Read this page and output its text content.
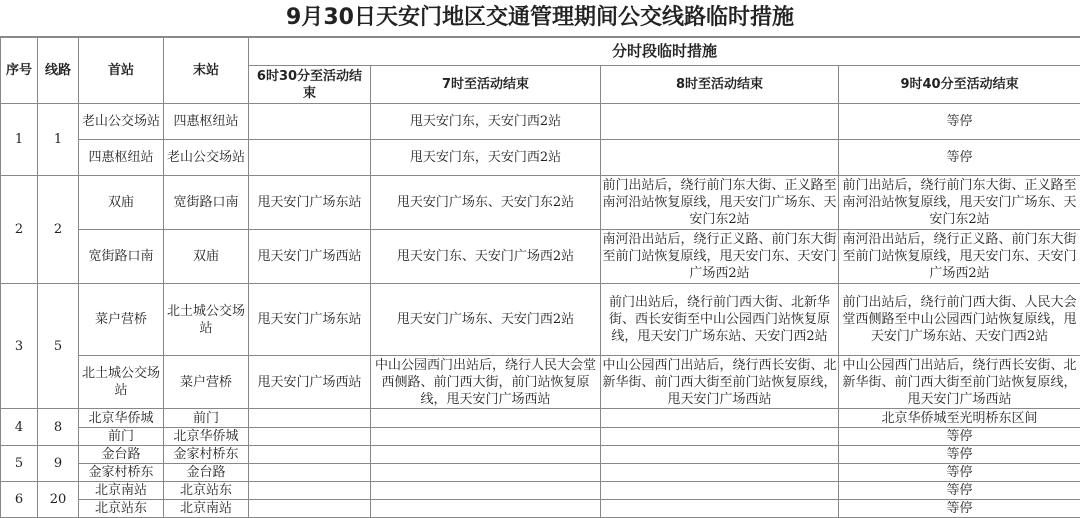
9月30日天安门地区交通管理期间公交线路临时措施
序号	线路	首站	末站	分时段临时措施			
				6时30分至活动结束	7时至活动结束	8时至活动结束	9时40分至活动结束
1	1	老山公交场站	四惠枢纽站		甩天安门东，天安门西2站		等停
		四惠枢纽站	老山公交场站		甩天安门东，天安门西2站		等停
2	2	双庙	宽街路口南	甩天安门广场东站	甩天安门广场东、天安门东2站	前门出站后，绕行前门东大街、正义路至南河沿站恢复原线，甩天安门广场东、天安门东2站	前门出站后，绕行前门东大街、正义路至南河沿站恢复原线，甩天安门广场东、天安门东2站
		宽街路口南	双庙	甩天安门广场西站	甩天安门东、天安门广场西2站	南河沿出站后，绕行正义路、前门东大街至前门站恢复原线，甩天安门东、天安门广场西2站	南河沿出站后，绕行正义路、前门东大街至前门站恢复原线，甩天安门东、天安门广场西2站
3	5	菜户营桥	北土城公交场站	甩天安门广场东站	甩天安门广场东、天安门西2站	前门出站后，绕行前门西大街、北新华街、西长安街至中山公园西门站恢复原线，甩天安门广场东站、天安门西2站	前门出站后，绕行前门西大街、人民大会堂西侧路至中山公园西门站恢复原线，甩天安门广场东站、天安门西2站
		北土城公交场站	菜户营桥	甩天安门广场西站	中山公园西门出站后，绕行人民大会堂西侧路、前门西大街，前门站恢复原线，甩天安门广场西站	中山公园西门出站后，绕行西长安街、北新华街、前门西大街至前门站恢复原线，甩天安门广场西站	中山公园西门出站后，绕行西长安街、北新华街、前门西大街至前门站恢复原线，甩天安门广场西站
4	8	北京华侨城	前门				北京华侨城至光明桥东区间
		前门	北京华侨城				等停
5	9	金台路	金家村桥东				等停
		金家村桥东	金台路				等停
6	20	北京南站	北京站东				等停
		北京站东	北京南站				等停
